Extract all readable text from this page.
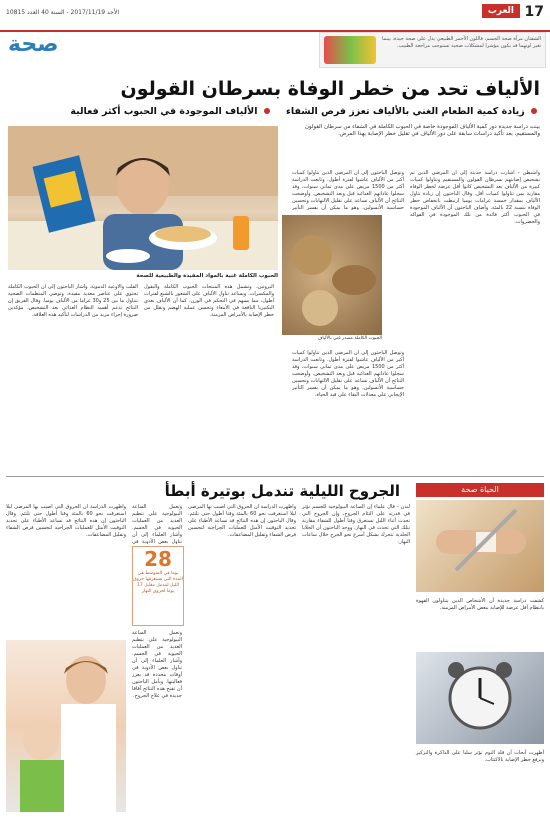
17
العرب
الأحد 2017/11/19 - السنة 40 العدد 10815
صحة	الشفتان مرآة صحة الجسم، فاللون الأحمر الطبيعي يدل على صحة جيدة، بينما تغير لونهما قد يكون مؤشرا لمشكلات صحية تستوجب مراجعة الطبيب.
الألياف تحد من خطر الوفاة بسرطان القولون
زيادة كمية الطعام الغني بالألياف تعزز فرص الشفاء     الألياف الموجودة في الحبوب أكثر فعالية
بينت دراسة جديدة دور كمية الألياف الموجودة خاصة في الحبوب الكاملة في الشفاء من سرطان القولون والمستقيم، بعد تأكيد دراسات سابقة على دور الألياف في تقليل خطر الإصابة بهذا المرض.
الحبوب الكاملة غنية بالمواد المفيدة والطبيعية للصحة
واشنطن - أشارت دراسة حديثة إلى أن المرضى الذين تم تشخيص إصابتهم بسرطان القولون والمستقيم وتناولوا كميات كبيرة من الألياف بعد التشخيص كانوا أقل عرضة لخطر الوفاة مقارنة بمن تناولوا كميات أقل. وقال الباحثون إن زيادة تناول الألياف بمقدار خمسة غرامات يوميا ارتبطت بانخفاض خطر الوفاة بنسبة 22 بالمئة. وأضاف الباحثون أن الألياف الموجودة في الحبوب أكثر فائدة من تلك الموجودة في الفواكه والخضروات.
وتوصل الباحثون إلى أن المرضى الذين تناولوا كميات أكبر من الألياف عاشوا لفترة أطول. وتابعت الدراسة أكثر من 1500 مريض على مدى ثماني سنوات، وقد سجلوا عاداتهم الغذائية قبل وبعد التشخيص. وأوضحت النتائج أن الألياف تساعد على تقليل الالتهابات وتحسين حساسية الأنسولين، وهو ما يمكن أن يفسر التأثير
الحبوب الكاملة مصدر غني بالألياف
وتوصل الباحثون إلى أن المرضى الذين تناولوا كميات أكبر من الألياف عاشوا لفترة أطول. وتابعت الدراسة أكثر من 1500 مريض على مدى ثماني سنوات، وقد سجلوا عاداتهم الغذائية قبل وبعد التشخيص. وأوضحت النتائج أن الألياف تساعد على تقليل الالتهابات وتحسين حساسية الأنسولين، وهو ما يمكن أن يفسر التأثير الإيجابي على معدلات البقاء على قيد الحياة.
القلب والأوعية الدموية. وأشار الباحثون إلى أن الحبوب الكاملة تحتوي على عناصر مغذية مفيدة. وتوصي المنظمات الصحية بتناول ما بين 25 و30 غراما من الألياف يوميا. وقال الفريق إن النتائج تدعم أهمية النظام الغذائي بعد التشخيص، مؤكدين ضرورة إجراء مزيد من الدراسات لتأكيد هذه العلاقة.
البروتين، وتشمل هذه المنتجات الحبوب الكاملة والبقول والمكسرات. ويساعد تناول الألياف على الشعور بالشبع لفترات أطول، مما يسهم في التحكم في الوزن. كما أن الألياف تغذي البكتيريا النافعة في الأمعاء وتحسن عملية الهضم وتقلل من خطر الإصابة بالأمراض المزمنة.
الجروح الليلية تندمل بوتيرة أبطأ	الحياة صحة
وتعمل الساعة البيولوجية على تنظيم العديد من العمليات الحيوية في الجسم. وأشار العلماء إلى أن تناول بعض الأدوية في
28
يوما في المتوسط هي المدة التي تستغرقها حروق الليل لتندمل مقابل 17 يوما لحروق النهار
وأظهرت الدراسة أن الحروق التي أصيب بها المرضى ليلا استغرقت نحو 60 بالمئة وقتا أطول حتى تلتئم. وقال الباحثون إن هذه النتائج قد تساعد الأطباء على تحديد التوقيت الأمثل للعمليات الجراحية لتحسين فرص الشفاء وتقليل المضاعفات.
لندن - قال علماء إن الساعة البيولوجية للجسم تؤثر في قدرته على التئام الجروح، وإن الجروح التي تحدث أثناء الليل تستغرق وقتا أطول للشفاء مقارنة بتلك التي تحدث في النهار. ووجد الباحثون أن الخلايا الجلدية تتحرك بشكل أسرع نحو الجرح خلال ساعات النهار.
وتعمل الساعة البيولوجية على تنظيم العديد من العمليات الحيوية في الجسم. وأشار العلماء إلى أن تناول بعض الأدوية في أوقات محددة قد يعزز فعاليتها. ويأمل الباحثون أن تفتح هذه النتائج آفاقا جديدة في علاج الجروح.
وأظهرت الدراسة أن الحروق التي أصيب بها المرضى ليلا استغرقت نحو 60 بالمئة وقتا أطول حتى تلتئم. وقال الباحثون إن هذه النتائج قد تساعد الأطباء على تحديد التوقيت الأمثل للعمليات الجراحية لتحسين فرص الشفاء وتقليل المضاعفات.
كشفت دراسة جديدة أن الأشخاص الذين يتناولون القهوة بانتظام أقل عرضة للإصابة ببعض الأمراض المزمنة.
أظهرت أبحاث أن قلة النوم تؤثر سلبا على الذاكرة والتركيز وترفع خطر الإصابة بالاكتئاب.
